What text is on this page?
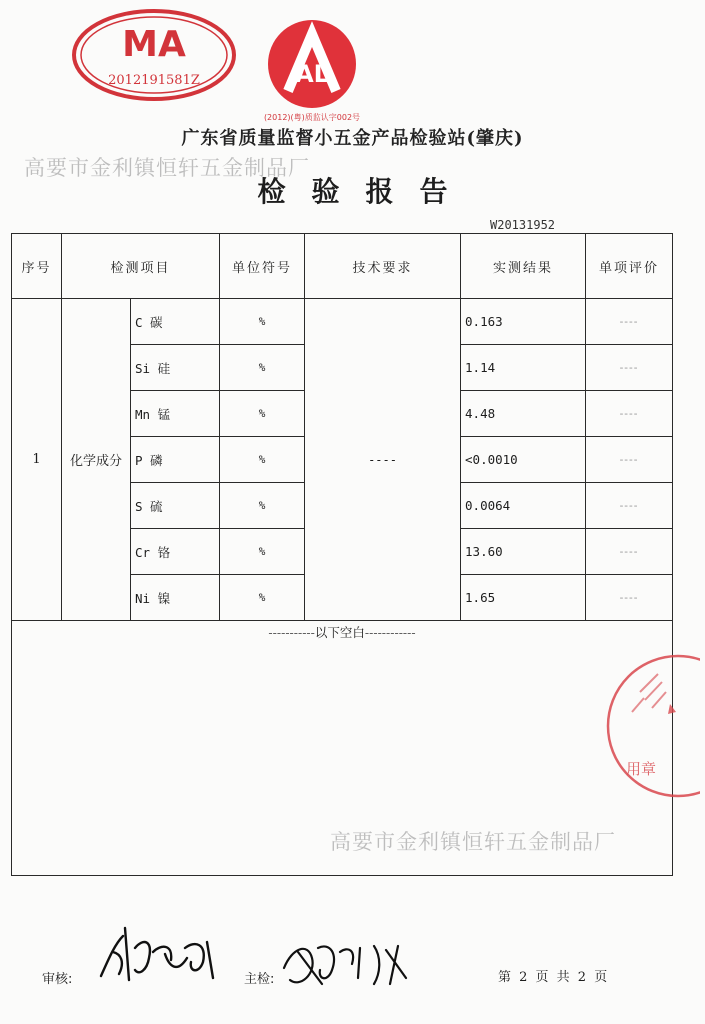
MA
2012191581Z	AL
(2012)(粤)质监认字002号
广东省质量监督小五金产品检验站(肇庆)
高要市金利镇恒轩五金制品厂
检验报告
W20131952
序号	检测项目		单位符号	技术要求	实测结果	单项评价
1	化学成分	C 碳	%	----	0.163	----
		Si 硅	%		1.14	----
		Mn 锰	%		4.48	----
		P 磷	%		<0.0010	----
		S 硫	%		0.0064	----
		Cr 铬	%		13.60	----
		Ni 镍	%		1.65	----

-----------以下空白------------						
高要市金利镇恒轩五金制品厂
用章
审核:	主检:	第 2 页 共 2 页
